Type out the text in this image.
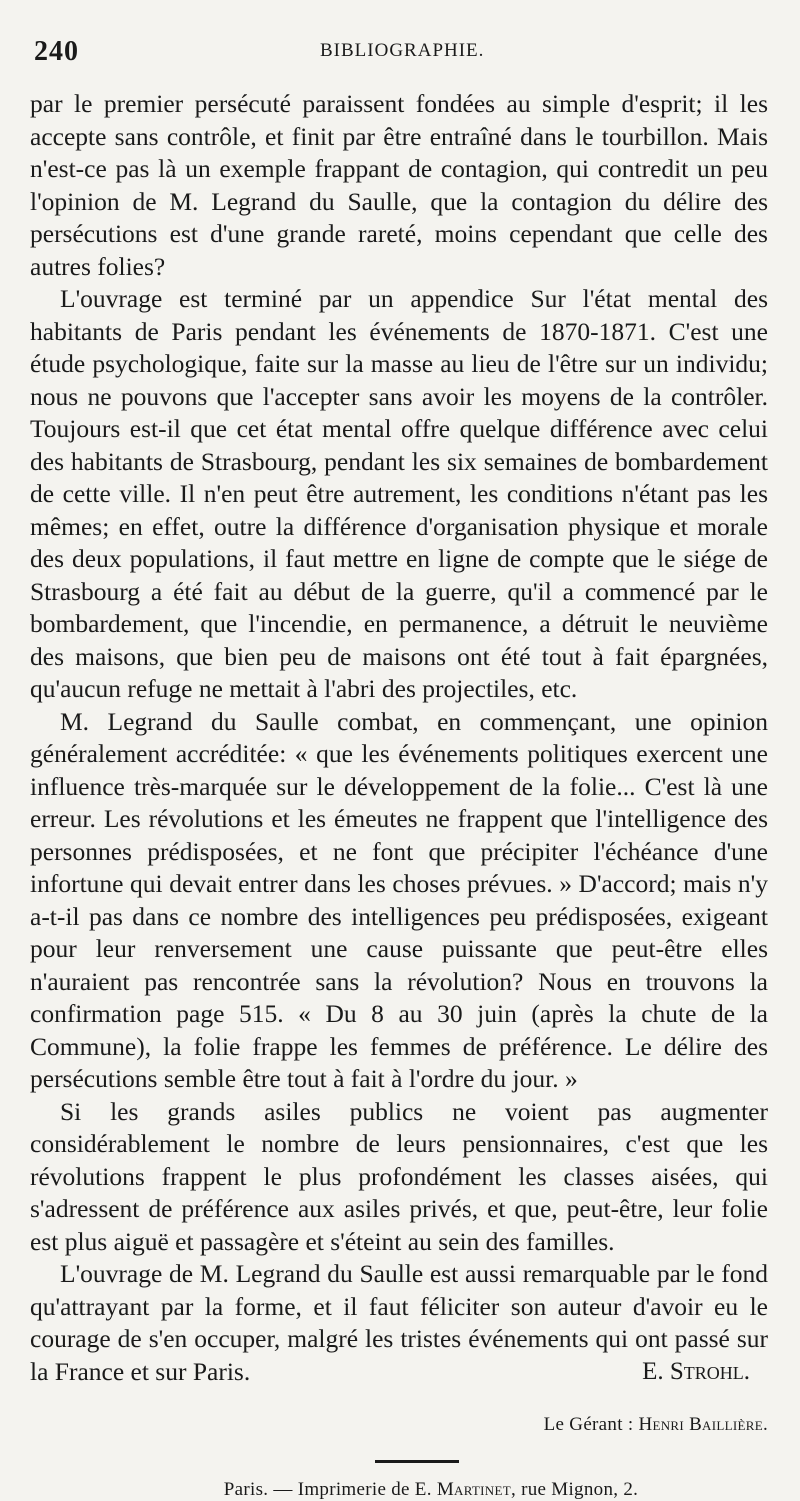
240	BIBLIOGRAPHIE.

par le premier persécuté paraissent fondées au simple d'esprit; il les accepte sans contrôle, et finit par être entraîné dans le tourbillon. Mais n'est-ce pas là un exemple frappant de contagion, qui contredit un peu l'opinion de M. Legrand du Saulle, que la contagion du délire des persécutions est d'une grande rareté, moins cependant que celle des autres folies?

L'ouvrage est terminé par un appendice Sur l'état mental des habitants de Paris pendant les événements de 1870-1871. C'est une étude psychologique, faite sur la masse au lieu de l'être sur un individu; nous ne pouvons que l'accepter sans avoir les moyens de la contrôler. Toujours est-il que cet état mental offre quelque différence avec celui des habitants de Strasbourg, pendant les six semaines de bombardement de cette ville. Il n'en peut être autrement, les conditions n'étant pas les mêmes; en effet, outre la différence d'organisation physique et morale des deux populations, il faut mettre en ligne de compte que le siége de Strasbourg a été fait au début de la guerre, qu'il a commencé par le bombardement, que l'incendie, en permanence, a détruit le neuvième des maisons, que bien peu de maisons ont été tout à fait épargnées, qu'aucun refuge ne mettait à l'abri des projectiles, etc.

M. Legrand du Saulle combat, en commençant, une opinion généralement accréditée: « que les événements politiques exercent une influence très-marquée sur le développement de la folie... C'est là une erreur. Les révolutions et les émeutes ne frappent que l'intelligence des personnes prédisposées, et ne font que précipiter l'échéance d'une infortune qui devait entrer dans les choses prévues. » D'accord; mais n'y a-t-il pas dans ce nombre des intelligences peu prédisposées, exigeant pour leur renversement une cause puissante que peut-être elles n'auraient pas rencontrée sans la révolution? Nous en trouvons la confirmation page 515. « Du 8 au 30 juin (après la chute de la Commune), la folie frappe les femmes de préférence. Le délire des persécutions semble être tout à fait à l'ordre du jour. »

Si les grands asiles publics ne voient pas augmenter considérablement le nombre de leurs pensionnaires, c'est que les révolutions frappent le plus profondément les classes aisées, qui s'adressent de préférence aux asiles privés, et que, peut-être, leur folie est plus aiguë et passagère et s'éteint au sein des familles.

L'ouvrage de M. Legrand du Saulle est aussi remarquable par le fond qu'attrayant par la forme, et il faut féliciter son auteur d'avoir eu le courage de s'en occuper, malgré les tristes événements qui ont passé sur la France et sur Paris.	E. Strohl.
Le Gérant : Henri Baillière.
Paris. — Imprimerie de E. Martinet, rue Mignon, 2.
